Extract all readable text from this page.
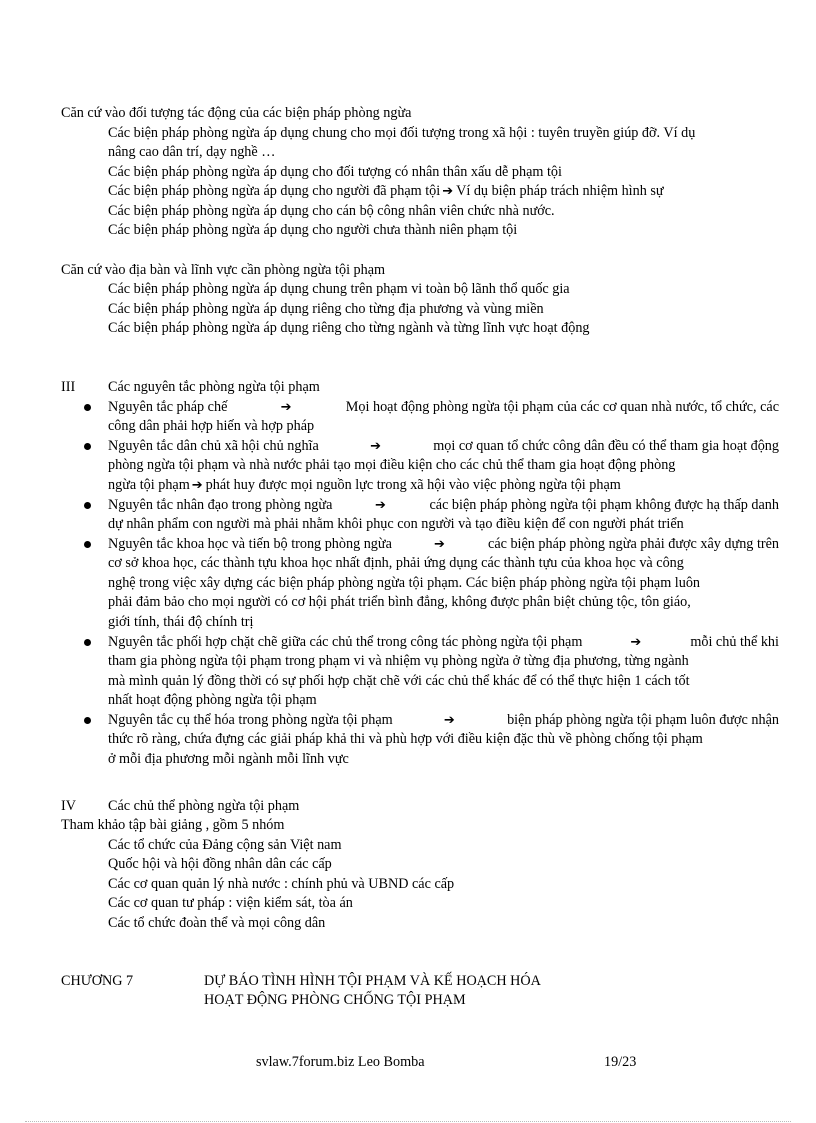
Căn cứ vào đối tượng tác động của các biện pháp phòng ngừa
Các biện pháp phòng ngừa áp dụng chung cho mọi đối tượng trong xã hội : tuyên truyền giúp đỡ. Ví dụ
nâng cao dân trí, dạy nghề …
Các biện pháp phòng ngừa áp dụng cho đối tượng có nhân thân xấu dễ phạm tội
Các biện pháp phòng ngừa áp dụng cho người đã phạm tội ➔ Ví dụ biện pháp trách nhiệm hình sự
Các biện pháp phòng ngừa áp dụng cho cán bộ công nhân viên chức nhà nước.
Các biện pháp phòng ngừa áp dụng cho người chưa thành niên phạm tội
Căn cứ vào địa bàn và lĩnh vực cần phòng ngừa tội phạm
Các biện pháp phòng ngừa áp dụng chung trên phạm vi toàn bộ lãnh thổ quốc gia
Các biện pháp phòng ngừa áp dụng riêng cho từng địa phương và vùng miền
Các biện pháp phòng ngừa áp dụng riêng cho từng ngành và từng lĩnh vực hoạt động
III Các nguyên tắc phòng ngừa tội phạm
Nguyên tắc pháp chế	➔	Mọi hoạt động phòng ngừa tội phạm của các cơ quan nhà nước, tổ chức, các
công dân phải hợp hiến và hợp pháp
Nguyên tắc dân chủ xã hội chủ nghĩa	➔	mọi cơ quan tổ chức công dân đều có thể tham gia hoạt động
phòng ngừa tội phạm và nhà nước phải tạo mọi điều kiện cho các chủ thể tham gia hoạt động phòng
ngừa tội phạm ➔ phát huy được mọi nguồn lực trong xã hội vào việc phòng ngừa tội phạm
Nguyên tắc nhân đạo trong phòng ngừa	➔	các biện pháp phòng ngừa tội phạm không được hạ thấp danh
dự nhân phẩm con người mà phải nhằm khôi phục con người và tạo điều kiện để con người phát triển
Nguyên tắc khoa học và tiến bộ trong phòng ngừa	➔	các biện pháp phòng ngừa phải được xây dựng trên
cơ sở khoa học, các thành tựu khoa học nhất định, phải ứng dụng các thành tựu của khoa học và công
nghệ trong việc xây dựng các biện pháp phòng ngừa tội phạm. Các biện pháp phòng ngừa tội phạm luôn
phải đảm bảo cho mọi người có cơ hội phát triển bình đẳng, không được phân biệt chủng tộc, tôn giáo,
giới tính, thái độ chính trị
Nguyên tắc phối hợp chặt chẽ giữa các chủ thể trong công tác phòng ngừa tội phạm	➔	mỗi chủ thể khi
tham gia phòng ngừa tội phạm trong phạm vi và nhiệm vụ phòng ngừa ở từng địa phương, từng ngành
mà mình quản lý đồng thời có sự phối hợp chặt chẽ với các chủ thể khác để có thể thực hiện 1 cách tốt
nhất hoạt động phòng ngừa tội phạm
Nguyên tắc cụ thể hóa trong phòng ngừa tội phạm	➔	biện pháp phòng ngừa tội phạm luôn được nhận
thức rõ ràng, chứa đựng các giải pháp khả thi và phù hợp với điều kiện đặc thù về phòng chống tội phạm
ở mỗi địa phương mỗi ngành mỗi lĩnh vực
IV Các chủ thể phòng ngừa tội phạm
Tham khảo tập bài giảng , gồm 5 nhóm
Các tổ chức của Đảng cộng sản Việt nam
Quốc hội và hội đồng nhân dân các cấp
Các cơ quan quản lý nhà nước : chính phủ và UBND các cấp
Các cơ quan tư pháp : viện kiểm sát, tòa án
Các tổ chức đoàn thể và mọi công dân
CHƯƠNG 7	DỰ BÁO TÌNH HÌNH TỘI PHẠM VÀ KẾ HOẠCH HÓA
HOẠT ĐỘNG PHÒNG CHỐNG TỘI PHẠM
svlaw.7forum.biz Leo Bomba	19/23
